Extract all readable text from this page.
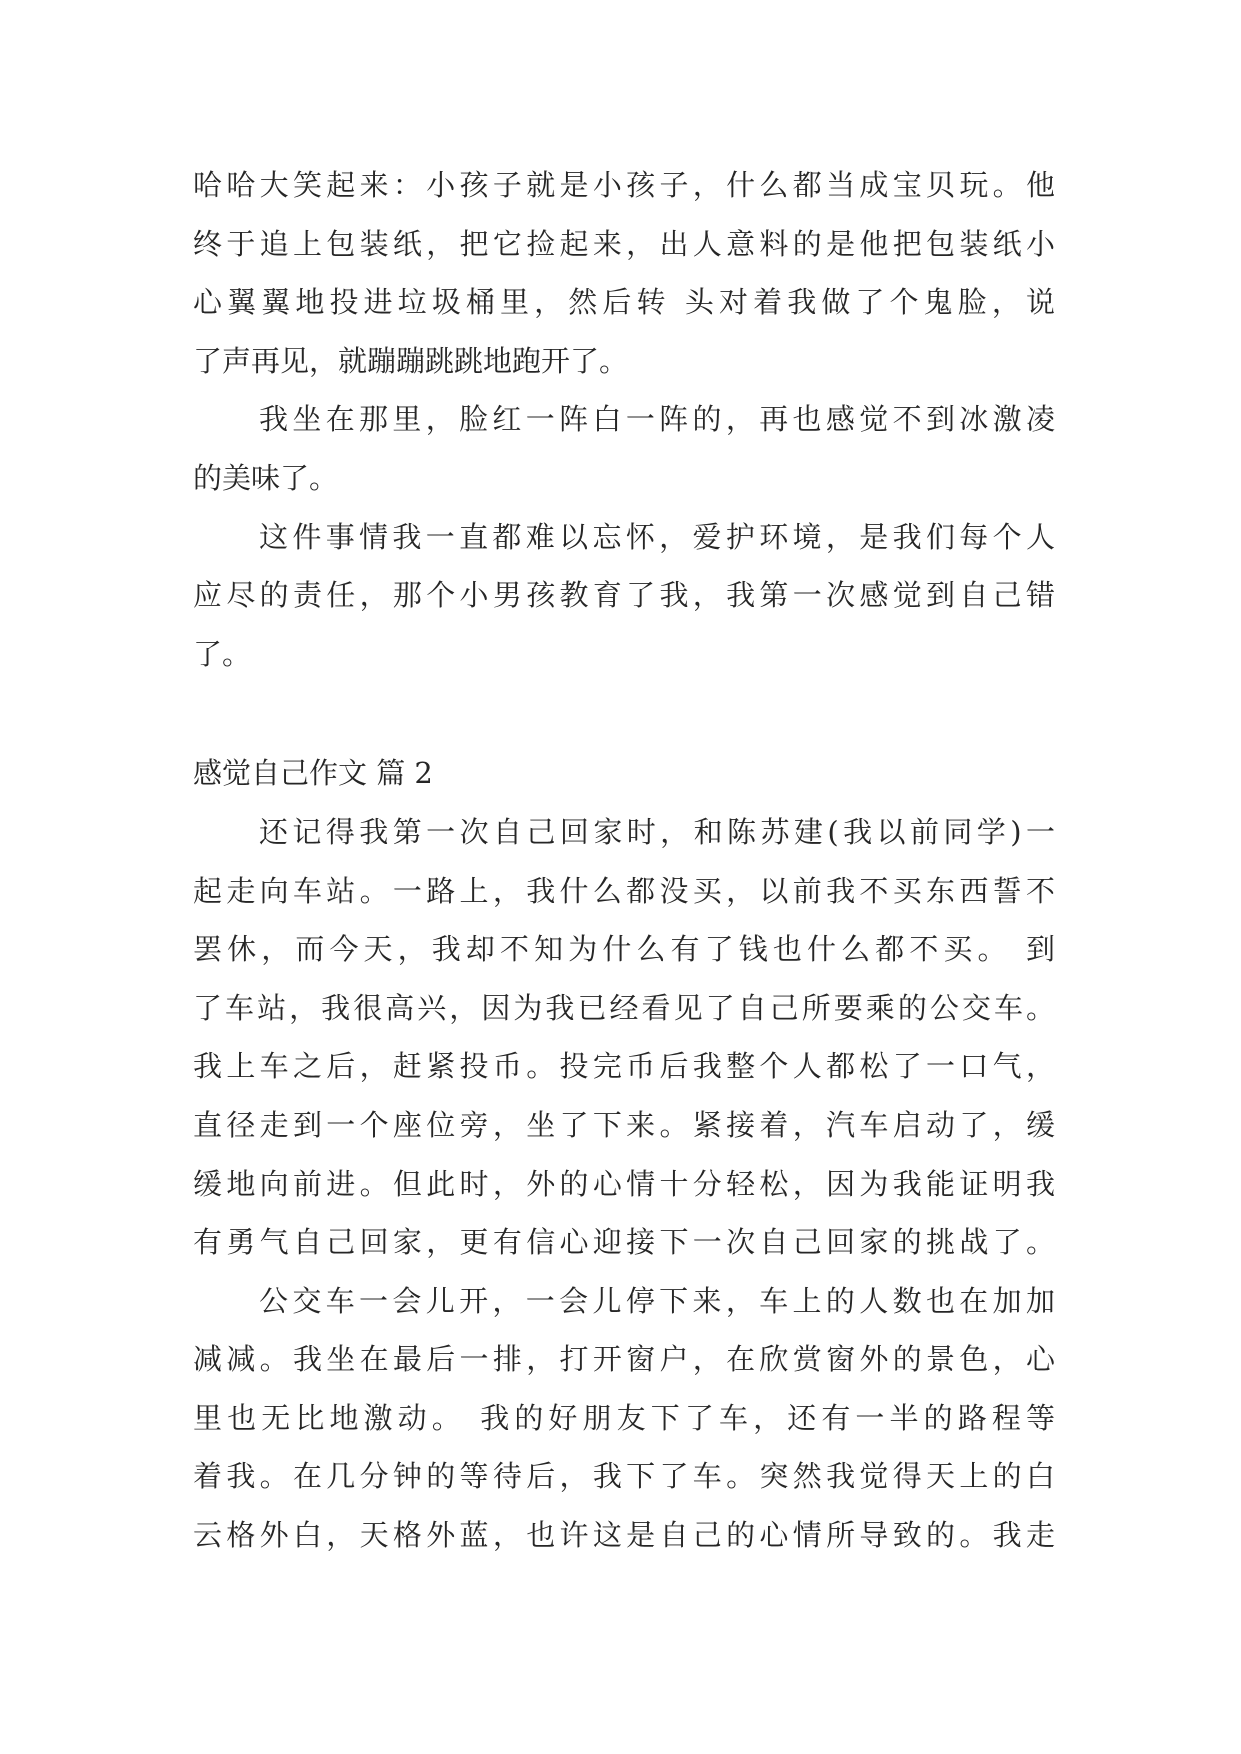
哈哈大笑起来：小孩子就是小孩子，什么都当成宝贝玩。他
终于追上包装纸，把它捡起来，出人意料的是他把包装纸小
心翼翼地投进垃圾桶里，然后转 头对着我做了个鬼脸，说
了声再见，就蹦蹦跳跳地跑开了。
我坐在那里，脸红一阵白一阵的，再也感觉不到冰激凌
的美味了。
这件事情我一直都难以忘怀，爱护环境，是我们每个人
应尽的责任，那个小男孩教育了我，我第一次感觉到自己错
了。
感觉自己作文 篇 2
还记得我第一次自己回家时，和陈苏建(我以前同学)一
起走向车站。一路上，我什么都没买，以前我不买东西誓不
罢休，而今天，我却不知为什么有了钱也什么都不买。 到
了车站，我很高兴，因为我已经看见了自己所要乘的公交车。
我上车之后，赶紧投币。投完币后我整个人都松了一口气，
直径走到一个座位旁，坐了下来。紧接着，汽车启动了，缓
缓地向前进。但此时，外的心情十分轻松，因为我能证明我
有勇气自己回家，更有信心迎接下一次自己回家的挑战了。
公交车一会儿开，一会儿停下来，车上的人数也在加加
减减。我坐在最后一排，打开窗户，在欣赏窗外的景色，心
里也无比地激动。 我的好朋友下了车，还有一半的路程等
着我。在几分钟的等待后，我下了车。突然我觉得天上的白
云格外白，天格外蓝，也许这是自己的心情所导致的。我走
